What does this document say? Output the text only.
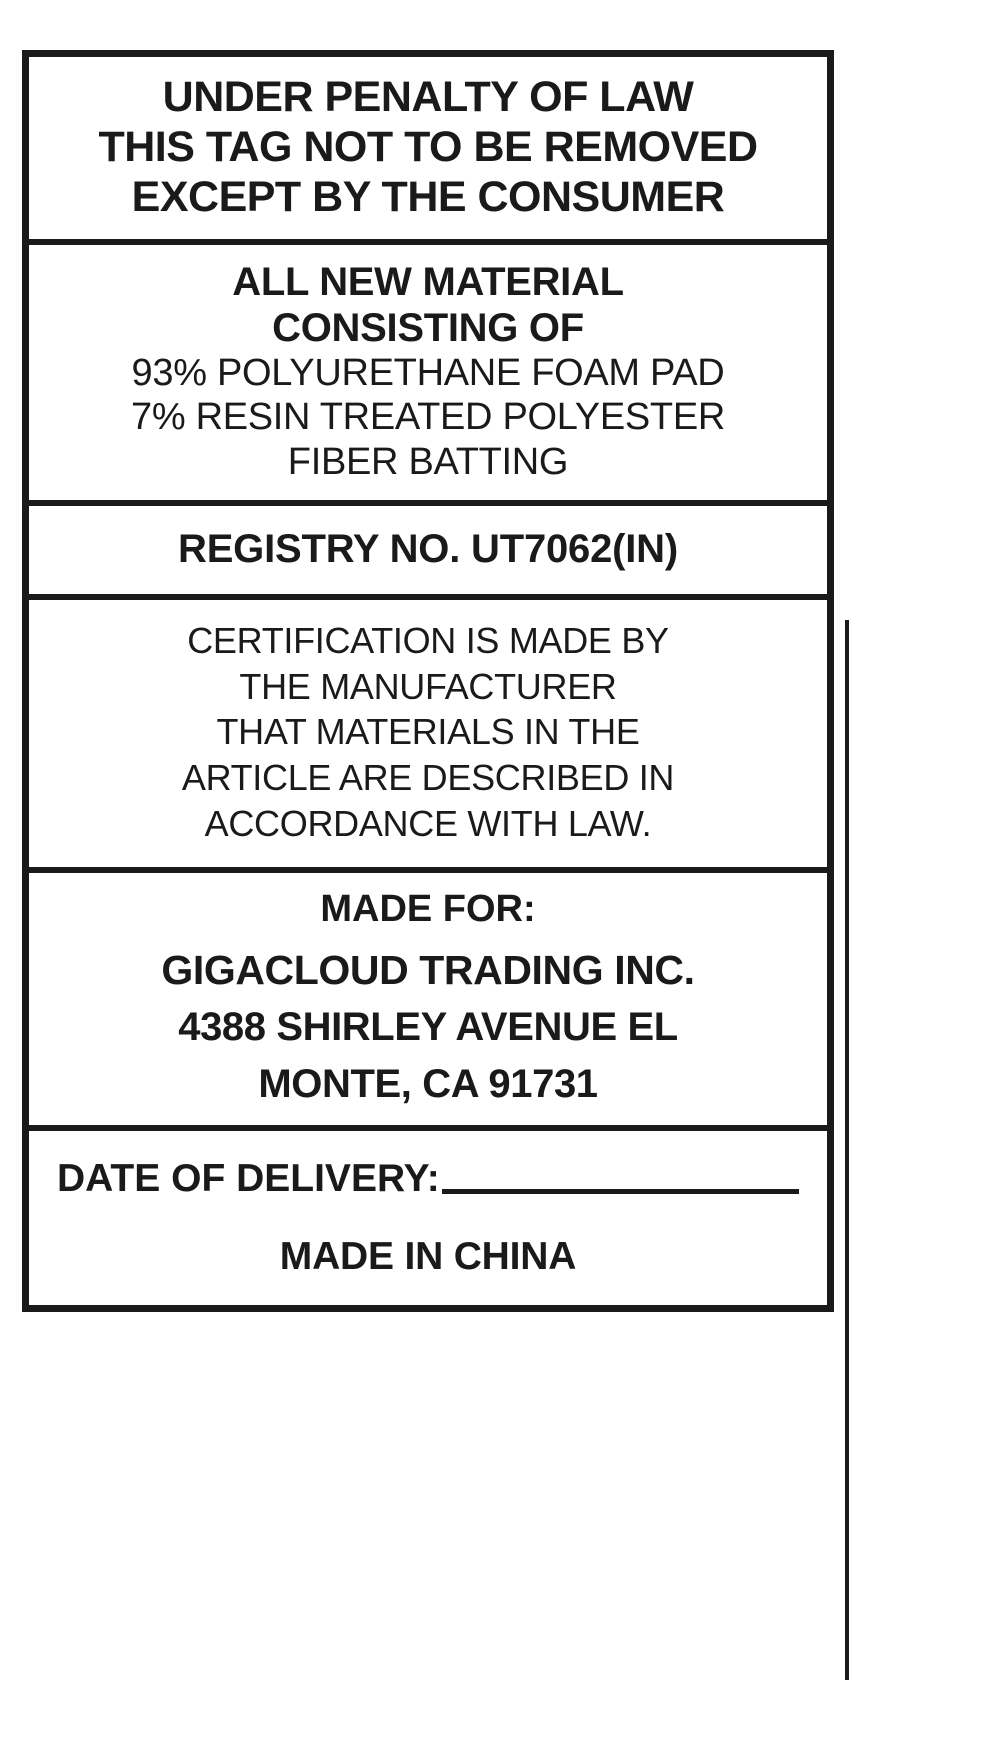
UNDER PENALTY OF LAW
THIS TAG NOT TO BE REMOVED
EXCEPT BY THE CONSUMER
ALL NEW MATERIAL
CONSISTING OF
93% POLYURETHANE FOAM PAD
7% RESIN TREATED POLYESTER
FIBER BATTING
REGISTRY NO. UT7062(IN)
CERTIFICATION IS MADE BY
THE MANUFACTURER
THAT MATERIALS IN THE
ARTICLE ARE DESCRIBED IN
ACCORDANCE WITH LAW.
MADE FOR:
GIGACLOUD TRADING INC.
4388 SHIRLEY AVENUE EL
MONTE, CA 91731
DATE OF DELIVERY:
MADE IN CHINA
